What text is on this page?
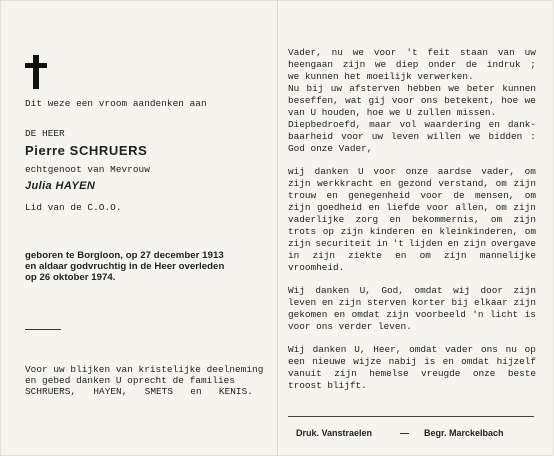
Dit weze een vroom aandenken aan
DE HEER
Pierre SCHRUERS
echtgenoot van Mevrouw
Julia HAYEN
Lid van de C.O.O.
geboren te Borgloon, op 27 december 1913
en aldaar godvruchtig in de Heer overleden
op 26 oktober 1974.
Voor uw blijken van kristelijke deelneming
en gebed danken U oprecht de families
SCHRUERS, HAYEN, SMETS en KENIS.
Vader, nu we voor 't feit staan van uw
heengaan zijn we diep onder de indruk ;
we kunnen het moeilijk verwerken.
Nu bij uw afsterven hebben we beter kunnen
beseffen, wat gij voor ons betekent, hoe we
van U houden, hoe we U zullen missen.
Diepbedroefd, maar vol waardering en dank-
baarheid voor uw leven willen we bidden :
God onze Vader,
wij danken U voor onze aardse vader, om
zijn werkkracht en gezond verstand, om zijn
trouw en genegenheid voor de mensen, om
zijn goedheid en liefde voor allen, om zijn
vaderlijke zorg en bekommernis, om zijn
trots op zijn kinderen en kleinkinderen, om
zijn securiteit in 't lijden en zijn overgave
in zijn ziekte en om zijn mannelijke
vroomheid.
Wij danken U, God, omdat wij door zijn
leven en zijn sterven korter bij elkaar zijn
gekomen en omdat zijn voorbeeld 'n licht is
voor ons verder leven.
Wij danken U, Heer, omdat vader ons nu op
een nieuwe wijze nabij is en omdat hijzelf
vanuit zijn hemelse vreugde onze beste
troost blijft.
Druk. Vanstraelen	— Begr. Marckelbach
